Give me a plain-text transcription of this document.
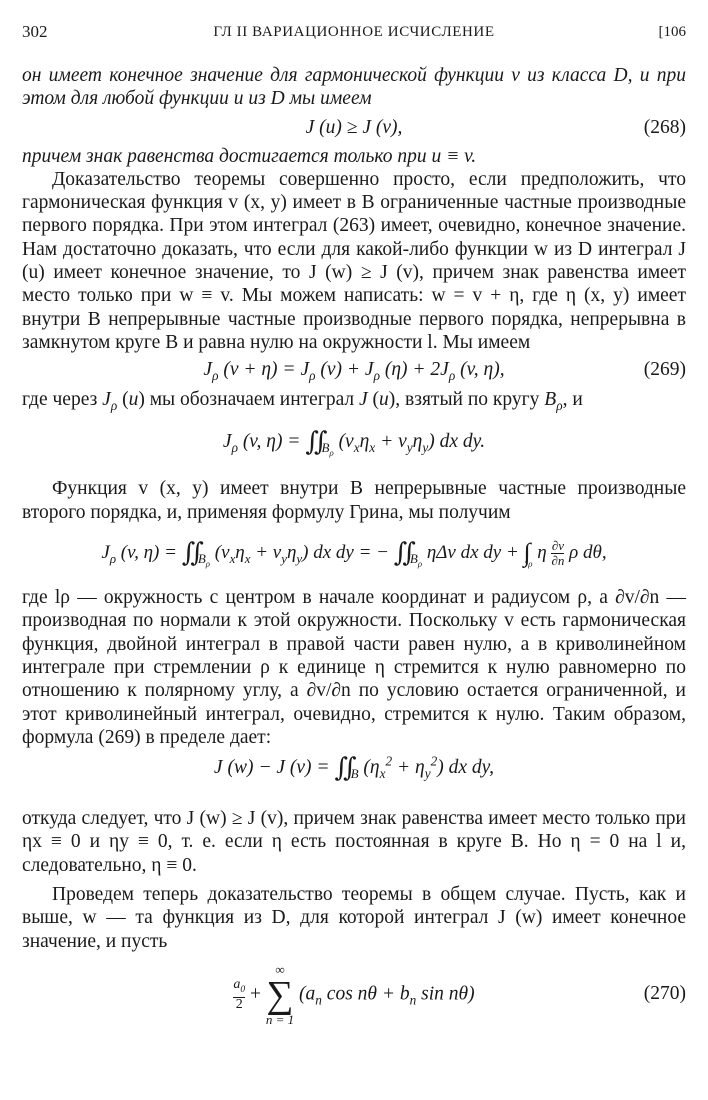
302	ГЛ II ВАРИАЦИОННОЕ ИСЧИСЛЕНИЕ	[106

он имеет конечное значение для гармонической функции v из класса D, и при этом для любой функции u из D мы имеем

J (u) ≥ J (v),	(268)

причем знак равенства достигается только при u ≡ v.

Доказательство теоремы совершенно просто, если предположить, что гармоническая функция v (x, y) имеет в B ограниченные частные производные первого порядка. При этом интеграл (263) имеет, очевидно, конечное значение. Нам достаточно доказать, что если для какой-либо функции w из D интеграл J (u) имеет конечное значение, то J (w) ≥ J (v), причем знак равенства имеет место только при w ≡ v. Мы можем написать: w = v + η, где η (x, y) имеет внутри B непрерывные частные производные первого порядка, непрерывна в замкнутом круге B и равна нулю на окружности l. Мы имеем

$J_\rho$ $(v + \eta) = J_\rho$ $(v) + J_\rho$ $(\eta) + 2J_\rho$ (v, η),	(269)

где через $J_\rho$ (u) мы обозначаем интеграл J (u), взятый по кругу $B_\rho$, и

$J_\rho$ (v, $\eta) = ∬_{B_\rho}$ $(v_x\eta_x + v_y\eta_y)$ dx dy.

Функция v (x, y) имеет внутри B непрерывные частные производные второго порядка, и, применяя формулу Грина, мы получим

$J_\rho$ (v, $\eta) = ∬_{B_\rho}$ $(v_x\eta_x + v_y\eta_y)$ dx dy = − $∬_{B_\rho}$ ηΔv dx dy + $\int_{l_\rho}$ η $\frac{\partial v}{\partial n}$ ρ dθ,

где lρ — окружность с центром в начале координат и радиусом ρ, а ∂v/∂n — производная по нормали к этой окружности. Поскольку v есть гармоническая функция, двойной интеграл в правой части равен нулю, а в криволинейном интеграле при стремлении ρ к единице η стремится к нулю равномерно по отношению к полярному углу, а ∂v/∂n по условию остается ограниченной, и этот криволинейный интеграл, очевидно, стремится к нулю. Таким образом, формула (269) в пределе дает:

J (w) − J $(v) = ∬_B$ $(\eta_x^2 + \eta_y^2)$ dx dy,

откуда следует, что J (w) ≥ J (v), причем знак равенства имеет место только при ηx ≡ 0 и ηy ≡ 0, т. е. если η есть постоянная в круге B. Но η = 0 на l и, следовательно, η ≡ 0.

Проведем теперь доказательство теоремы в общем случае. Пусть, как и выше, w — та функция из D, для которой интеграл J (w) имеет конечное значение, и пусть

$\frac{a_0}{2}$ +
∞
∑
n = 1
($a_n$ $\cos n\theta + b_n$ sin nθ)	(270)
